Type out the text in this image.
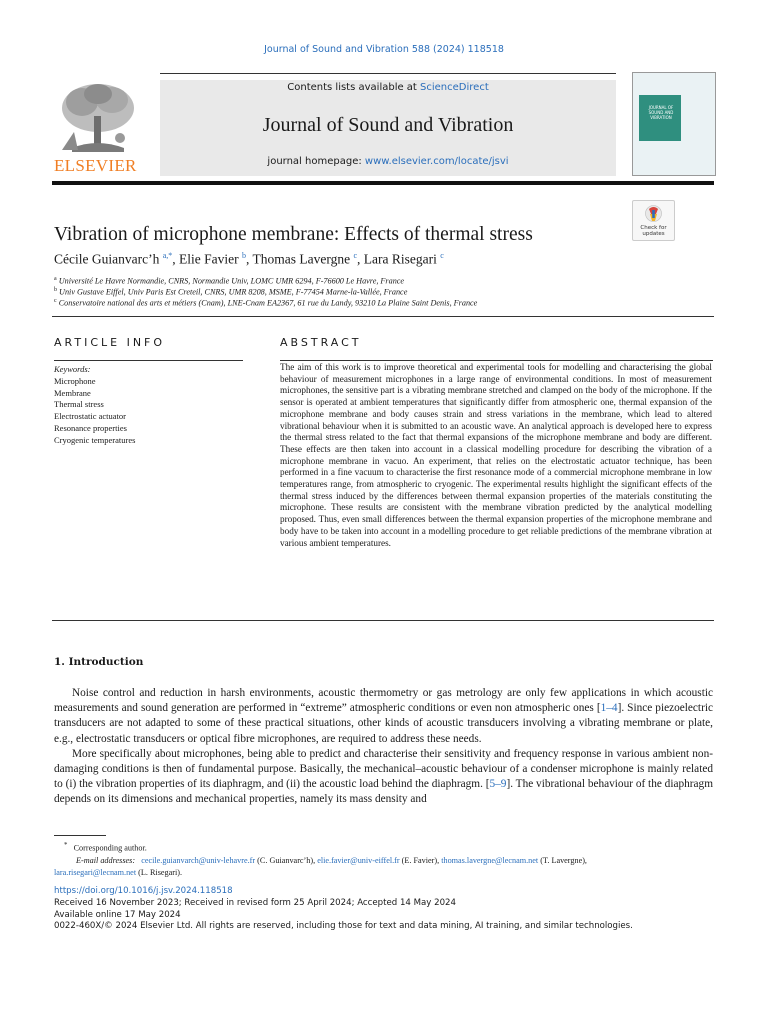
Journal of Sound and Vibration 588 (2024) 118518
ELSEVIER
Contents lists available at ScienceDirect
Journal of Sound and Vibration
journal homepage: www.elsevier.com/locate/jsvi
JOURNAL OF SOUND AND VIBRATION
Check for updates
Vibration of microphone membrane: Effects of thermal stress
Cécile Guianvarc’h $^{a,*}$, Elie Favier $^b$, Thomas Lavergne $^c$, Lara Risegari $^c$
$^a$ Université Le Havre Normandie, CNRS, Normandie Univ, LOMC UMR 6294, F-76600 Le Havre, France
$^b$ Univ Gustave Eiffel, Univ Paris Est Creteil, CNRS, UMR 8208, MSME, F-77454 Marne-la-Vallée, France
$^c$ Conservatoire national des arts et métiers (Cnam), LNE-Cnam EA2367, 61 rue du Landy, 93210 La Plaine Saint Denis, France
ARTICLE INFO	ABSTRACT
Keywords:
Microphone
Membrane
Thermal stress
Electrostatic actuator
Resonance properties
Cryogenic temperatures
The aim of this work is to improve theoretical and experimental tools for modelling and characterising the global behaviour of measurement microphones in a large range of environmental conditions. In most of measurement microphones, the sensitive part is a vibrating membrane stretched and clamped on the body of the microphone. If the sensor is operated at ambient temperatures that significantly differ from atmospheric one, thermal expansion of the microphone membrane and body causes strain and stress variations in the membrane, which lead to altered vibrational behaviour when it is submitted to an acoustic wave. An analytical approach is developed here to express the thermal stress related to the fact that thermal expansions of the microphone membrane and body are different. These effects are then taken into account in a classical modelling procedure for describing the vibration of a microphone membrane in vacuo. An experiment, that relies on the electrostatic actuator technique, has been performed in a fine vacuum to characterise the first resonance mode of a commercial microphone membrane in low temperatures range, from atmospheric to cryogenic. The experimental results highlight the significant effects of the thermal stress induced by the differences between thermal expansion properties of the materials constituting the microphone. These results are consistent with the membrane vibration predicted by the analytical modelling proposed. Thus, even small differences between the thermal expansion properties of the microphone membrane and body have to be taken into account in a modelling procedure to get reliable predictions of the membrane vibration at various ambient temperatures.
1. Introduction

Noise control and reduction in harsh environments, acoustic thermometry or gas metrology are only few applications in which acoustic measurements and sound generation are performed in “extreme” atmospheric conditions or even non atmospheric ones [1–4]. Since piezoelectric transducers are not adapted to some of these practical situations, other kinds of acoustic transducers involving a vibrating membrane or plate, e.g., electrostatic transducers or optical fibre microphones, are required to address these needs.

More specifically about microphones, being able to predict and characterise their sensitivity and frequency response in various ambient non-damaging conditions is then of fundamental purpose. Basically, the mechanical–acoustic behaviour of a condenser microphone is mainly related to (i) the vibration properties of its diaphragm, and (ii) the acoustic load behind the diaphragm. [5–9]. The vibrational behaviour of the diaphragm depends on its dimensions and mechanical properties, namely its mass density and

* Corresponding author.
E-mail addresses: cecile.guianvarch@univ-lehavre.fr (C. Guianvarc’h), elie.favier@univ-eiffel.fr (E. Favier), thomas.lavergne@lecnam.net (T. Lavergne),
lara.risegari@lecnam.net (L. Risegari).
https://doi.org/10.1016/j.jsv.2024.118518
Received 16 November 2023; Received in revised form 25 April 2024; Accepted 14 May 2024
Available online 17 May 2024
0022-460X/© 2024 Elsevier Ltd. All rights are reserved, including those for text and data mining, AI training, and similar technologies.
